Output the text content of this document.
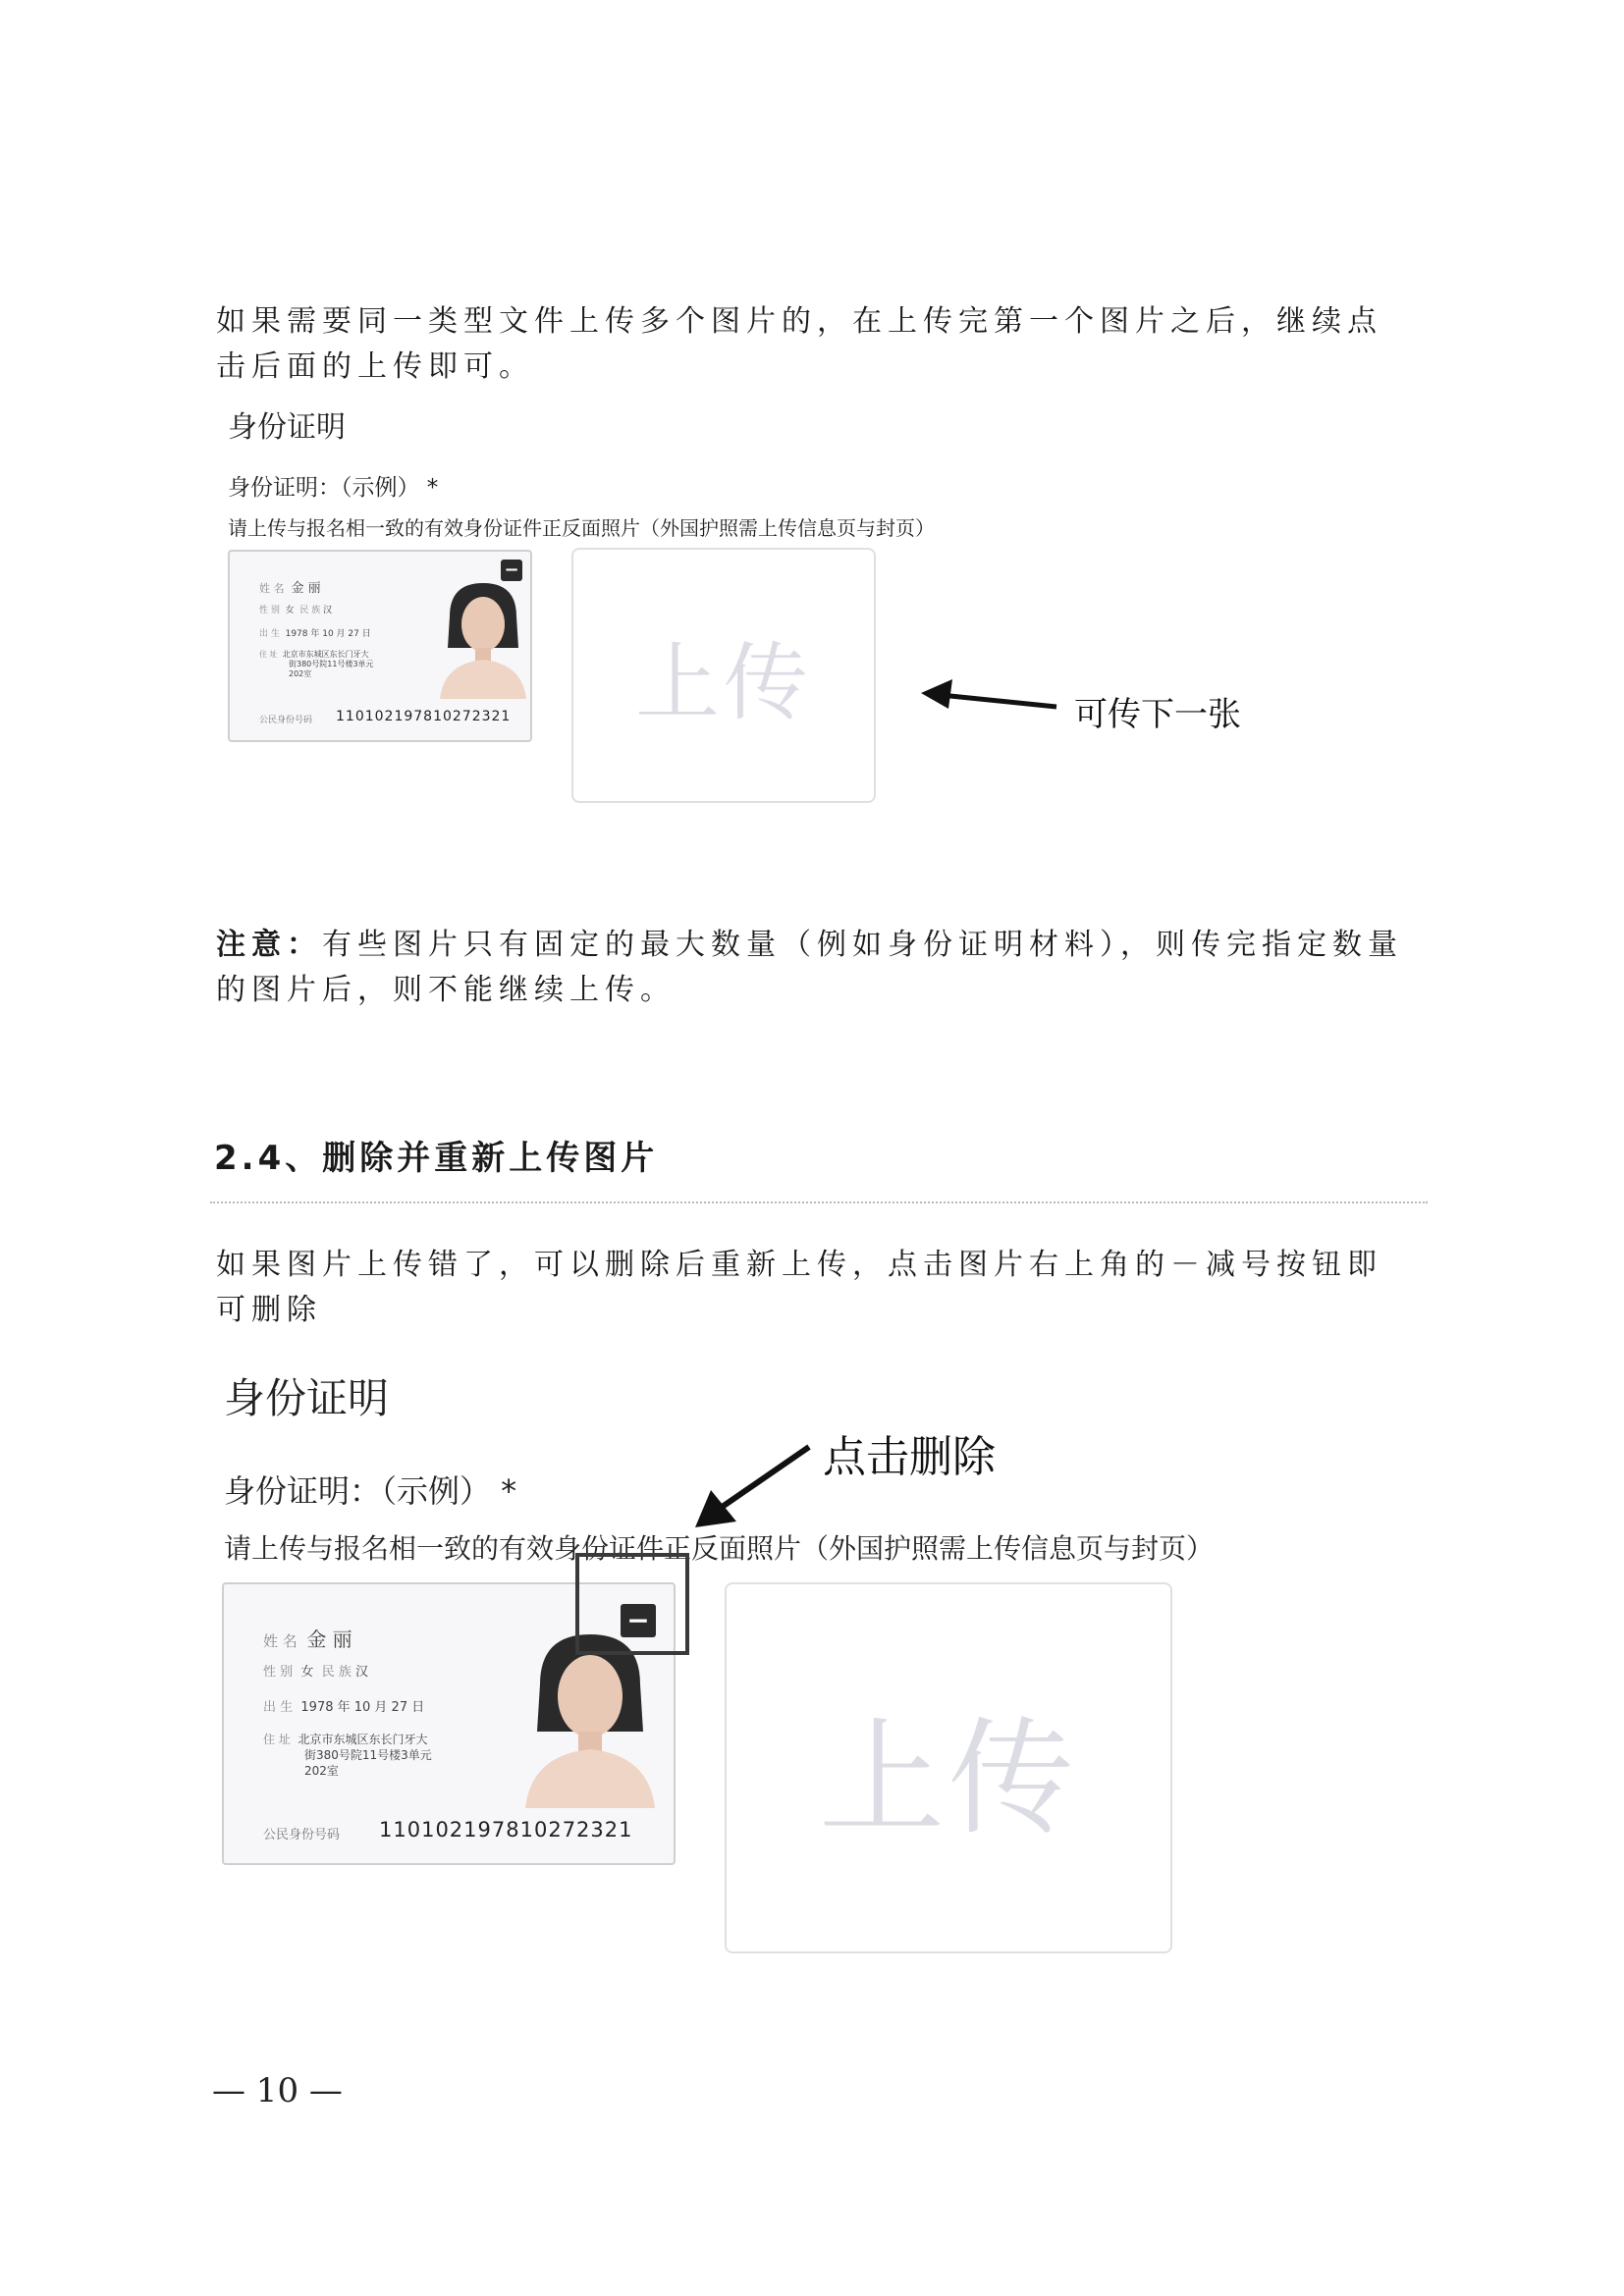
如果需要同一类型文件上传多个图片的，在上传完第一个图片之后，继续点击后面的上传即可。

身份证明
身份证明：（示例） *
请上传与报名相一致的有效身份证件正反面照片（外国护照需上传信息页与封页）
姓 名 金 丽
性 别 女 民 族 汉
出 生 1978 年 10 月 27 日
住 址 北京市东城区东长门牙大
街380号院11号楼3单元
202室
公民身份号码 110102197810272321
−
上传	可传下一张

注意：有些图片只有固定的最大数量（例如身份证明材料），则传完指定数量的图片后，则不能继续上传。

2.4、删除并重新上传图片

如果图片上传错了，可以删除后重新上传，点击图片右上角的－减号按钮即可删除

身份证明
身份证明：（示例） *
请上传与报名相一致的有效身份证件正反面照片（外国护照需上传信息页与封页）
姓 名 金 丽
性 别 女 民 族 汉
出 生 1978 年 10 月 27 日
住 址 北京市东城区东长门牙大
街380号院11号楼3单元
202室
公民身份号码 110102197810272321
−
上传
点击删除
— 10 —
